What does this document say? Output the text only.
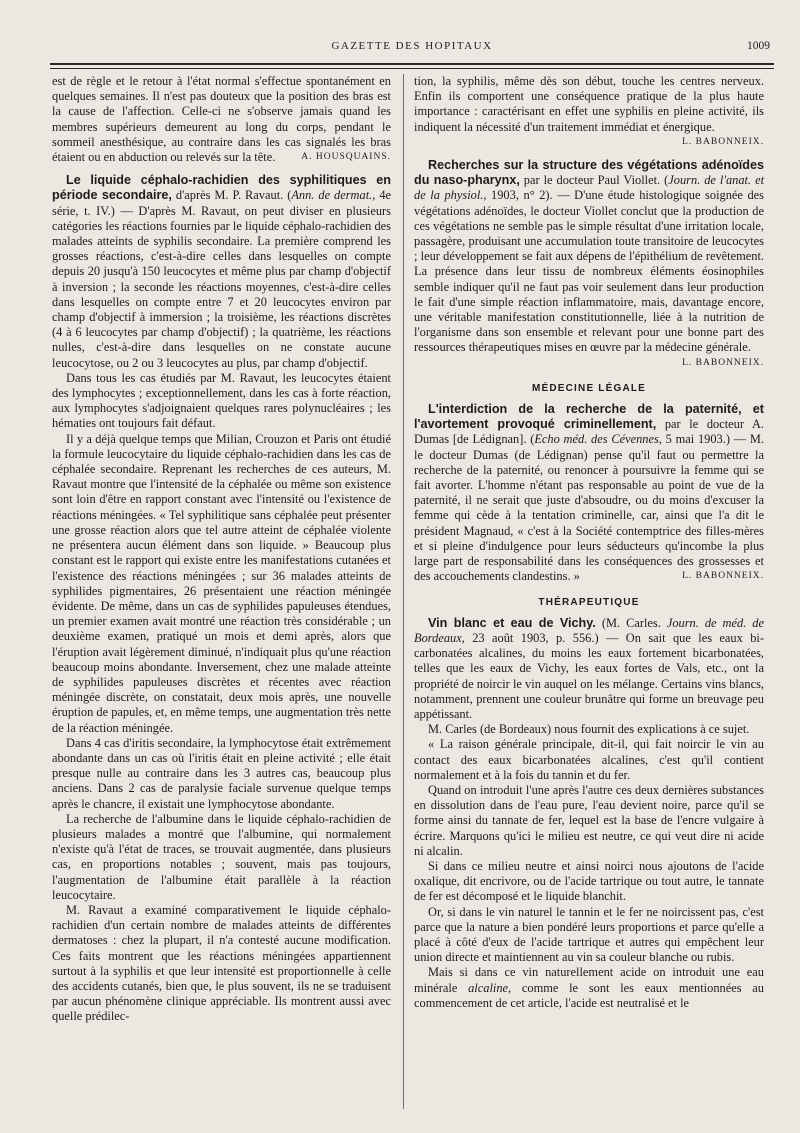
GAZETTE DES HOPITAUX	1009

est de règle et le retour à l'état normal s'effectue spontanément en quelques semaines. Il n'est pas douteux que la position des bras est la cause de l'affection. Celle-ci ne s'observe jamais quand les membres supérieurs demeurent au long du corps, pendant le sommeil anesthésique, au contraire dans les cas signalés les bras étaient ou en abduction ou relevés sur la tête.	A. HOUSQUAINS.

Le liquide céphalo-rachidien des syphilitiques en période secondaire, d'après M. P. Ravaut. (Ann. de dermat., 4e série, t. IV.) — D'après M. Ravaut, on peut diviser en plusieurs catégories les réactions fournies par le liquide céphalo-rachidien des malades atteints de syphilis secondaire. La première comprend les grosses réactions, c'est-à-dire celles dans lesquelles on compte depuis 20 jusqu'à 150 leucocytes et même plus par champ d'objectif à inversion ; la seconde les réactions moyennes, c'est-à-dire celles dans lesquelles on compte entre 7 et 20 leucocytes environ par champ d'objectif à immersion ; la troisième, les réactions discrètes (4 à 6 leucocytes par champ d'objectif) ; la quatrième, les réactions nulles, c'est-à-dire dans lesquelles on ne constate aucune leucocytose, ou 2 ou 3 leucocytes au plus, par champ d'objectif.

Dans tous les cas étudiés par M. Ravaut, les leucocytes étaient des lymphocytes ; exceptionnellement, dans les cas à forte réaction, aux lymphocytes s'adjoignaient quelques rares polynucléaires ; les hématies ont toujours fait défaut.

Il y a déjà quelque temps que Milian, Crouzon et Paris ont étudié la formule leucocytaire du liquide céphalo-rachidien dans les cas de céphalée secondaire. Reprenant les recherches de ces auteurs, M. Ravaut montre que l'intensité de la céphalée ou même son existence sont loin d'être en rapport constant avec l'intensité ou l'existence de réactions méningées. « Tel syphilitique sans céphalée peut présenter une grosse réaction alors que tel autre atteint de céphalée violente ne présentera aucun élément dans son liquide. » Beaucoup plus constant est le rapport qui existe entre les manifestations cutanées et l'existence des réactions méningées ; sur 36 malades atteints de syphilides pigmentaires, 26 présentaient une réaction méningée évidente. De même, dans un cas de syphilides papuleuses étendues, un premier examen avait montré une réaction très considérable ; un deuxième examen, pratiqué un mois et demi après, alors que l'éruption avait légèrement diminué, n'indiquait plus qu'une réaction beaucoup moins abondante. Inversement, chez une malade atteinte de syphilides papuleuses discrètes et récentes avec réaction méningée discrète, on constatait, deux mois après, une nouvelle éruption de papules, et, en même temps, une augmentation très nette de la réaction méningée.

Dans 4 cas d'iritis secondaire, la lymphocytose était extrêmement abondante dans un cas où l'iritis était en pleine activité ; elle était presque nulle au contraire dans les 3 autres cas, beaucoup plus anciens. Dans 2 cas de paralysie faciale survenue quelque temps après le chancre, il existait une lymphocytose abondante.

La recherche de l'albumine dans le liquide céphalo-rachidien de plusieurs malades a montré que l'albumine, qui normalement n'existe qu'à l'état de traces, se trouvait augmentée, dans plusieurs cas, en proportions notables ; souvent, mais pas toujours, l'augmentation de l'albumine était parallèle à la réaction leucocytaire.

M. Ravaut a examiné comparativement le liquide céphalo-rachidien d'un certain nombre de malades atteints de différentes dermatoses : chez la plupart, il n'a contesté aucune modification. Ces faits montrent que les réactions méningées appartiennent surtout à la syphilis et que leur intensité est proportionnelle à celle des accidents cutanés, bien que, le plus souvent, ils ne se traduisent par aucun phénomène clinique appréciable. Ils montrent aussi avec quelle prédilec-

tion, la syphilis, même dès son début, touche les centres nerveux. Enfin ils comportent une conséquence pratique de la plus haute importance : caractérisant en effet une syphilis en pleine activité, ils indiquent la nécessité d'un traitement immédiat et énergique.
L. BABONNEIX.

Recherches sur la structure des végétations adénoïdes du naso-pharynx, par le docteur Paul Viollet. (Journ. de l'anat. et de la physiol., 1903, n° 2). — D'une étude histologique soignée des végétations adénoïdes, le docteur Viollet conclut que la production de ces végétations ne semble pas le simple résultat d'une irritation locale, passagère, produisant une accumulation toute transitoire de leucocytes ; leur développement se fait aux dépens de l'épithélium de revêtement. La présence dans leur tissu de nombreux éléments éosinophiles semble indiquer qu'il ne faut pas voir seulement dans leur production le fait d'une simple réaction inflammatoire, mais, davantage encore, une véritable manifestation constitutionnelle, liée à la nutrition de l'organisme dans son ensemble et relevant pour une bonne part des ressources thérapeutiques mises en œuvre par la médecine générale.
L. BABONNEIX.

MÉDECINE LÉGALE

L'interdiction de la recherche de la paternité, et l'avortement provoqué criminellement, par le docteur A. Dumas [de Lédignan]. (Echo méd. des Cévennes, 5 mai 1903.) — M. le docteur Dumas (de Lédignan) pense qu'il faut ou permettre la recherche de la paternité, ou renoncer à poursuivre la femme qui se fait avorter. L'homme n'étant pas responsable au point de vue de la paternité, il ne serait que juste d'absoudre, ou du moins d'excuser la femme qui cède à la tentation criminelle, car, ainsi que l'a dit le président Magnaud, « c'est à la Société contemptrice des filles-mères et si pleine d'indulgence pour leurs séducteurs qu'incombe la plus large part de responsabilité dans les conséquences des grossesses et des accouchements clandestins. »	L. BABONNEIX.

THÉRAPEUTIQUE

Vin blanc et eau de Vichy. (M. Carles. Journ. de méd. de Bordeaux, 23 août 1903, p. 556.) — On sait que les eaux bi-carbonatées alcalines, du moins les eaux fortement bicarbonatées, telles que les eaux de Vichy, les eaux fortes de Vals, etc., ont la propriété de noircir le vin auquel on les mélange. Certains vins blancs, notamment, prennent une couleur brunâtre qui forme un breuvage peu appétissant.

M. Carles (de Bordeaux) nous fournit des explications à ce sujet.

« La raison générale principale, dit-il, qui fait noircir le vin au contact des eaux bicarbonatées alcalines, c'est qu'il contient normalement et à la fois du tannin et du fer.

Quand on introduit l'une après l'autre ces deux dernières substances en dissolution dans de l'eau pure, l'eau devient noire, parce qu'il se forme ainsi du tannate de fer, lequel est la base de l'encre vulgaire à écrire. Marquons qu'ici le milieu est neutre, ce qui veut dire ni acide ni alcalin.

Si dans ce milieu neutre et ainsi noirci nous ajoutons de l'acide oxalique, dit encrivore, ou de l'acide tartrique ou tout autre, le tannate de fer est décomposé et le liquide blanchit.

Or, si dans le vin naturel le tannin et le fer ne noircissent pas, c'est parce que la nature a bien pondéré leurs proportions et parce qu'elle a placé à côté d'eux de l'acide tartrique et autres qui empêchent leur union directe et maintiennent au vin sa couleur blanche ou rubis.

Mais si dans ce vin naturellement acide on introduit une eau minérale alcaline, comme le sont les eaux mentionnées au commencement de cet article, l'acide est neutralisé et le
